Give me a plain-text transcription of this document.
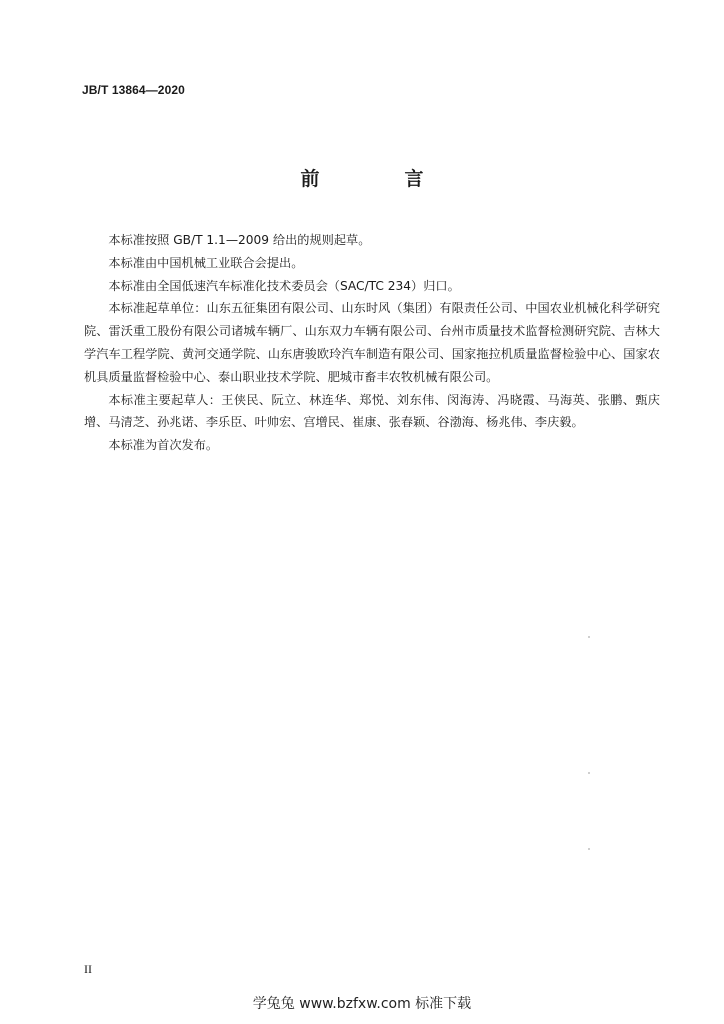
JB/T 13864—2020
前　言

本标准按照 GB/T 1.1—2009 给出的规则起草。

本标准由中国机械工业联合会提出。

本标准由全国低速汽车标准化技术委员会（SAC/TC 234）归口。

本标准起草单位：山东五征集团有限公司、山东时风（集团）有限责任公司、中国农业机械化科学研究院、雷沃重工股份有限公司诸城车辆厂、山东双力车辆有限公司、台州市质量技术监督检测研究院、吉林大学汽车工程学院、黄河交通学院、山东唐骏欧玲汽车制造有限公司、国家拖拉机质量监督检验中心、国家农机具质量监督检验中心、泰山职业技术学院、肥城市畜丰农牧机械有限公司。

本标准主要起草人：王侠民、阮立、林连华、郑悦、刘东伟、闵海涛、冯晓霞、马海英、张鹏、甄庆增、马清芝、孙兆诺、李乐臣、叶帅宏、宫增民、崔康、张春颖、谷渤海、杨兆伟、李庆毅。

本标准为首次发布。

II
学兔兔 www.bzfxw.com 标准下载
